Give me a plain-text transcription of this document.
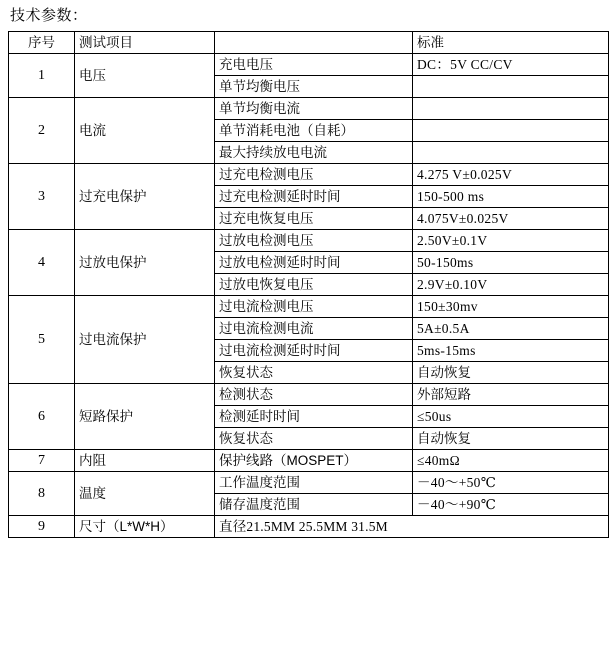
技术参数：
序号	测试项目		标准
1	电压	充电电压	DC：5V CC/CV
		单节均衡电压	
2	电流	单节均衡电流	
		单节消耗电池（自耗）	
		最大持续放电电流	
3	过充电保护	过充电检测电压	4.275 V±0.025V
		过充电检测延时时间	150-500 ms
		过充电恢复电压	4.075V±0.025V
4	过放电保护	过放电检测电压	2.50V±0.1V
		过放电检测延时时间	50-150ms
		过放电恢复电压	2.9V±0.10V
5	过电流保护	过电流检测电压	150±30mv
		过电流检测电流	5A±0.5A
		过电流检测延时时间	5ms-15ms
		恢复状态	自动恢复
6	短路保护	检测状态	外部短路
		检测延时时间	≤50us
		恢复状态	自动恢复
7	内阻	保护线路（MOSPET）	≤40mΩ
8	温度	工作温度范围	－40～+50℃
		储存温度范围	－40～+90℃
9	尺寸（L*W*H）	直径21.5MM 25.5MM 31.5M	
